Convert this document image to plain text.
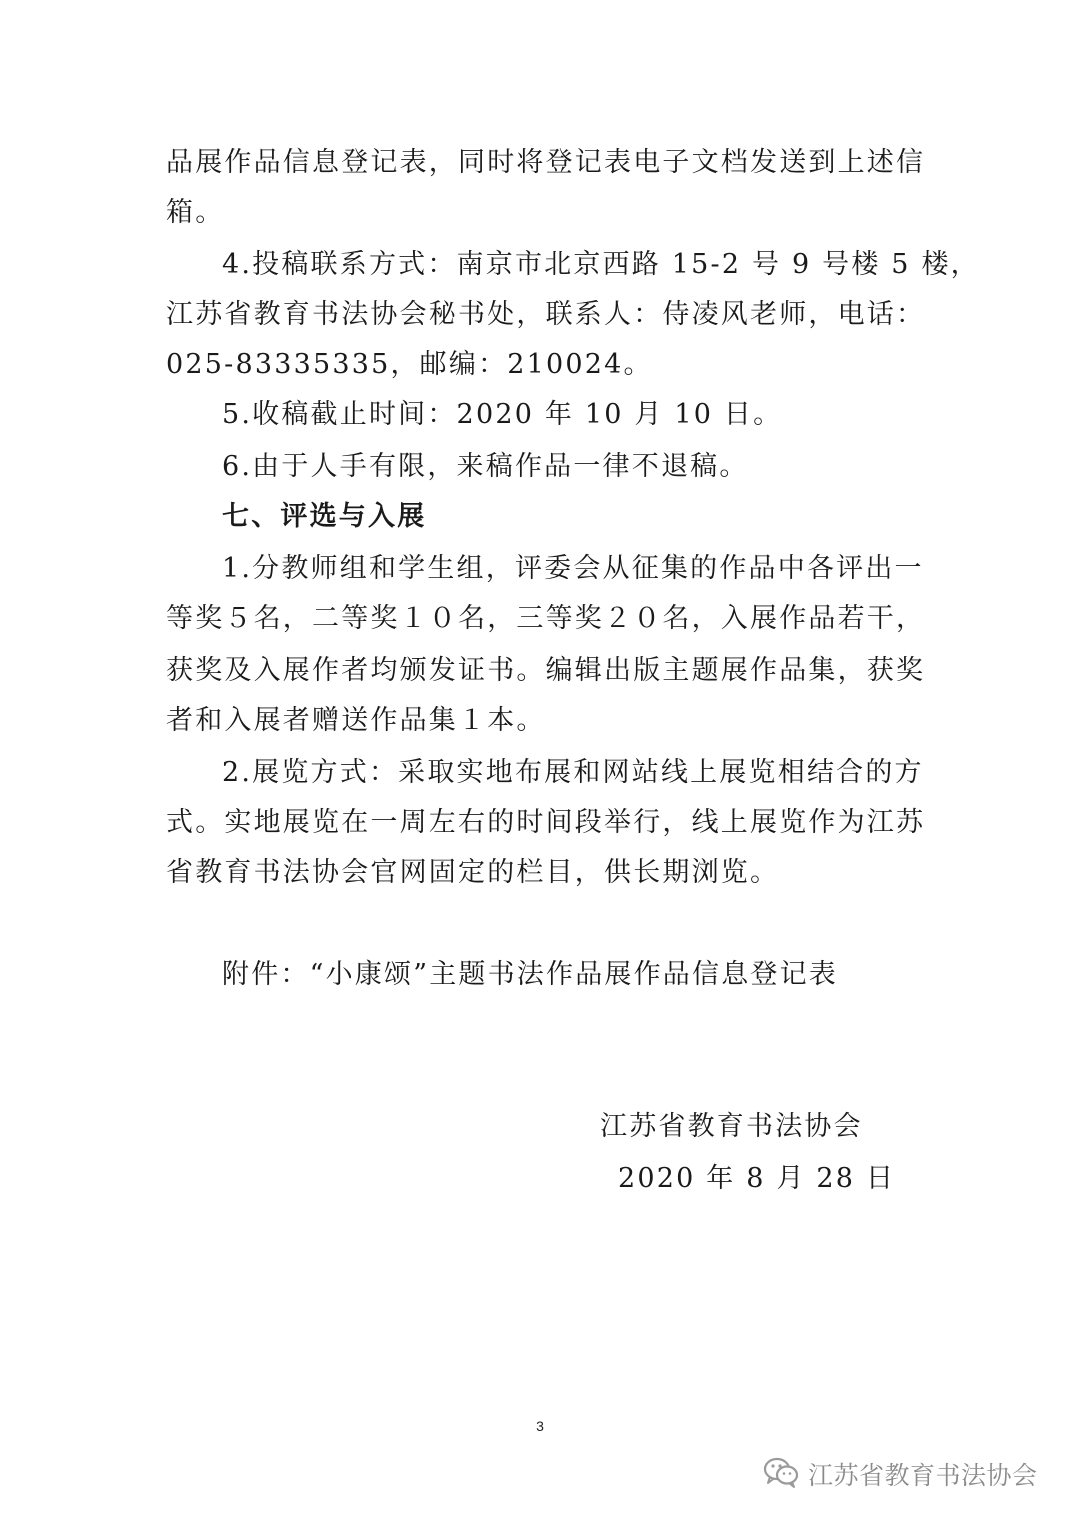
品展作品信息登记表，同时将登记表电子文档发送到上述信
箱。
4.投稿联系方式：南京市北京西路 15-2 号 9 号楼 5 楼，
江苏省教育书法协会秘书处，联系人：侍凌风老师，电话：
025-83335335，邮编：210024。
5.收稿截止时间：2020 年 10 月 10 日。
6.由于人手有限，来稿作品一律不退稿。
七、评选与入展
1.分教师组和学生组，评委会从征集的作品中各评出一
等奖５名，二等奖１０名，三等奖２０名，入展作品若干，
获奖及入展作者均颁发证书。编辑出版主题展作品集，获奖
者和入展者赠送作品集１本。
2.展览方式：采取实地布展和网站线上展览相结合的方
式。实地展览在一周左右的时间段举行，线上展览作为江苏
省教育书法协会官网固定的栏目，供长期浏览。
附件：“小康颂”主题书法作品展作品信息登记表
江苏省教育书法协会
2020 年 8 月 28 日
3
江苏省教育书法协会
